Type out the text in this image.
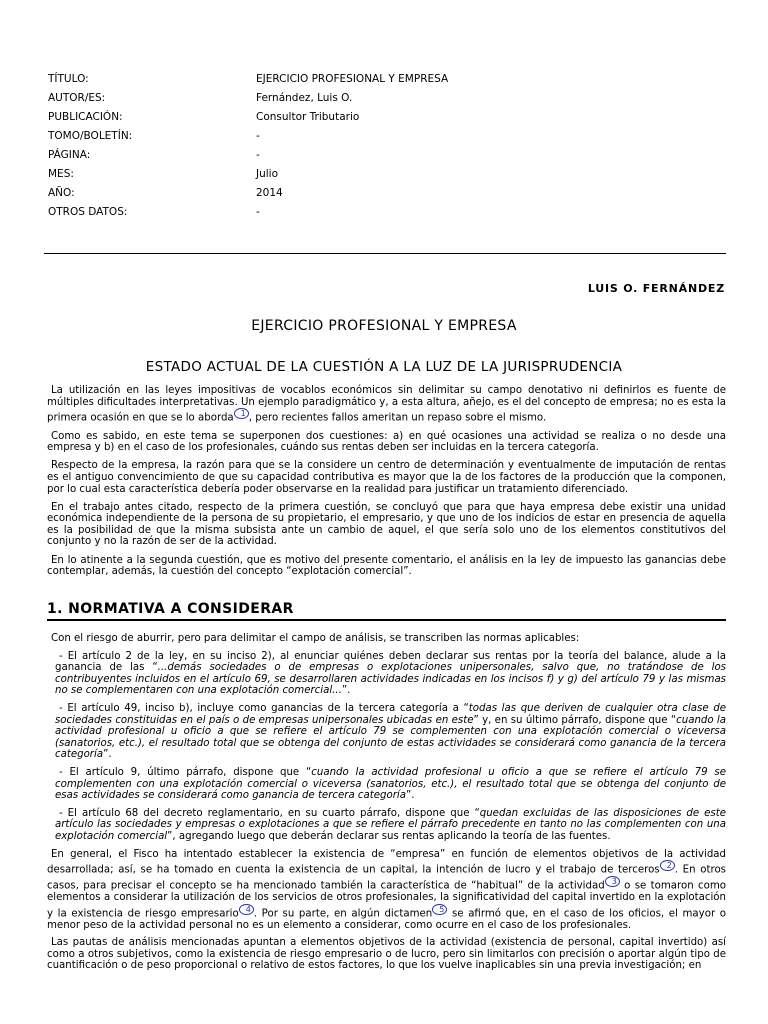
TÍTULO:	EJERCICIO PROFESIONAL Y EMPRESA
AUTOR/ES:	Fernández, Luis O.
PUBLICACIÓN:	Consultor Tributario
TOMO/BOLETÍN:	-
PÁGINA:	-
MES:	Julio
AÑO:	2014
OTROS DATOS:	-
LUIS O. FERNÁNDEZ
EJERCICIO PROFESIONAL Y EMPRESA
ESTADO ACTUAL DE LA CUESTIÓN A LA LUZ DE LA JURISPRUDENCIA

La utilización en las leyes impositivas de vocablos económicos sin delimitar su campo denotativo ni definirlos es fuente de múltiples dificultades interpretativas. Un ejemplo paradigmático y, a esta altura, añejo, es el del concepto de empresa; no es esta la primera ocasión en que se lo aborda 1 , pero recientes fallos ameritan un repaso sobre el mismo.

Como es sabido, en este tema se superponen dos cuestiones: a) en qué ocasiones una actividad se realiza o no desde una empresa y b) en el caso de los profesionales, cuándo sus rentas deben ser incluidas en la tercera categoría.

Respecto de la empresa, la razón para que se la considere un centro de determinación y eventualmente de imputación de rentas es el antiguo convencimiento de que su capacidad contributiva es mayor que la de los factores de la producción que la componen, por lo cual esta característica debería poder observarse en la realidad para justificar un tratamiento diferenciado.

En el trabajo antes citado, respecto de la primera cuestión, se concluyó que para que haya empresa debe existir una unidad económica independiente de la persona de su propietario, el empresario, y que uno de los indicios de estar en presencia de aquella es la posibilidad de que la misma subsista ante un cambio de aquel, el que sería solo uno de los elementos constitutivos del conjunto y no la razón de ser de la actividad.

En lo atinente a la segunda cuestión, que es motivo del presente comentario, el análisis en la ley de impuesto las ganancias debe contemplar, además, la cuestión del concepto “explotación comercial”.

1. NORMATIVA A CONSIDERAR

Con el riesgo de aburrir, pero para delimitar el campo de análisis, se transcriben las normas aplicables:

- El artículo 2 de la ley, en su inciso 2), al enunciar quiénes deben declarar sus rentas por la teoría del balance, alude a la ganancia de las “...demás sociedades o de empresas o explotaciones unipersonales, salvo que, no tratándose de los contribuyentes incluidos en el artículo 69, se desarrollaren actividades indicadas en los incisos f) y g) del artículo 79 y las mismas no se complementaren con una explotación comercial...”.

- El artículo 49, inciso b), incluye como ganancias de la tercera categoría a “todas las que deriven de cualquier otra clase de sociedades constituidas en el país o de empresas unipersonales ubicadas en este” y, en su último párrafo, dispone que “cuando la actividad profesional u oficio a que se refiere el artículo 79 se complementen con una explotación comercial o viceversa (sanatorios, etc.), el resultado total que se obtenga del conjunto de estas actividades se considerará como ganancia de la tercera categoría”.

- El artículo 9, último párrafo, dispone que “cuando la actividad profesional u oficio a que se refiere el artículo 79 se complementen con una explotación comercial o viceversa (sanatorios, etc.), el resultado total que se obtenga del conjunto de esas actividades se considerará como ganancia de tercera categoría”.

- El artículo 68 del decreto reglamentario, en su cuarto párrafo, dispone que “quedan excluidas de las disposiciones de este artículo las sociedades y empresas o explotaciones a que se refiere el párrafo precedente en tanto no las complementen con una explotación comercial”, agregando luego que deberán declarar sus rentas aplicando la teoría de las fuentes.

En general, el Fisco ha intentado establecer la existencia de “empresa” en función de elementos objetivos de la actividad desarrollada; así, se ha tomado en cuenta la existencia de un capital, la intención de lucro y el trabajo de terceros 2 . En otros casos, para precisar el concepto se ha mencionado también la característica de “habitual” de la actividad 3 o se tomaron como elementos a considerar la utilización de los servicios de otros profesionales, la significatividad del capital invertido en la explotación y la existencia de riesgo empresario 4 . Por su parte, en algún dictamen 5 se afirmó que, en el caso de los oficios, el mayor o menor peso de la actividad personal no es un elemento a considerar, como ocurre en el caso de los profesionales.

Las pautas de análisis mencionadas apuntan a elementos objetivos de la actividad (existencia de personal, capital invertido) así como a otros subjetivos, como la existencia de riesgo empresario o de lucro, pero sin limitarlos con precisión o aportar algún tipo de cuantificación o de peso proporcional o relativo de estos factores, lo que los vuelve inaplicables sin una previa investigación; en
